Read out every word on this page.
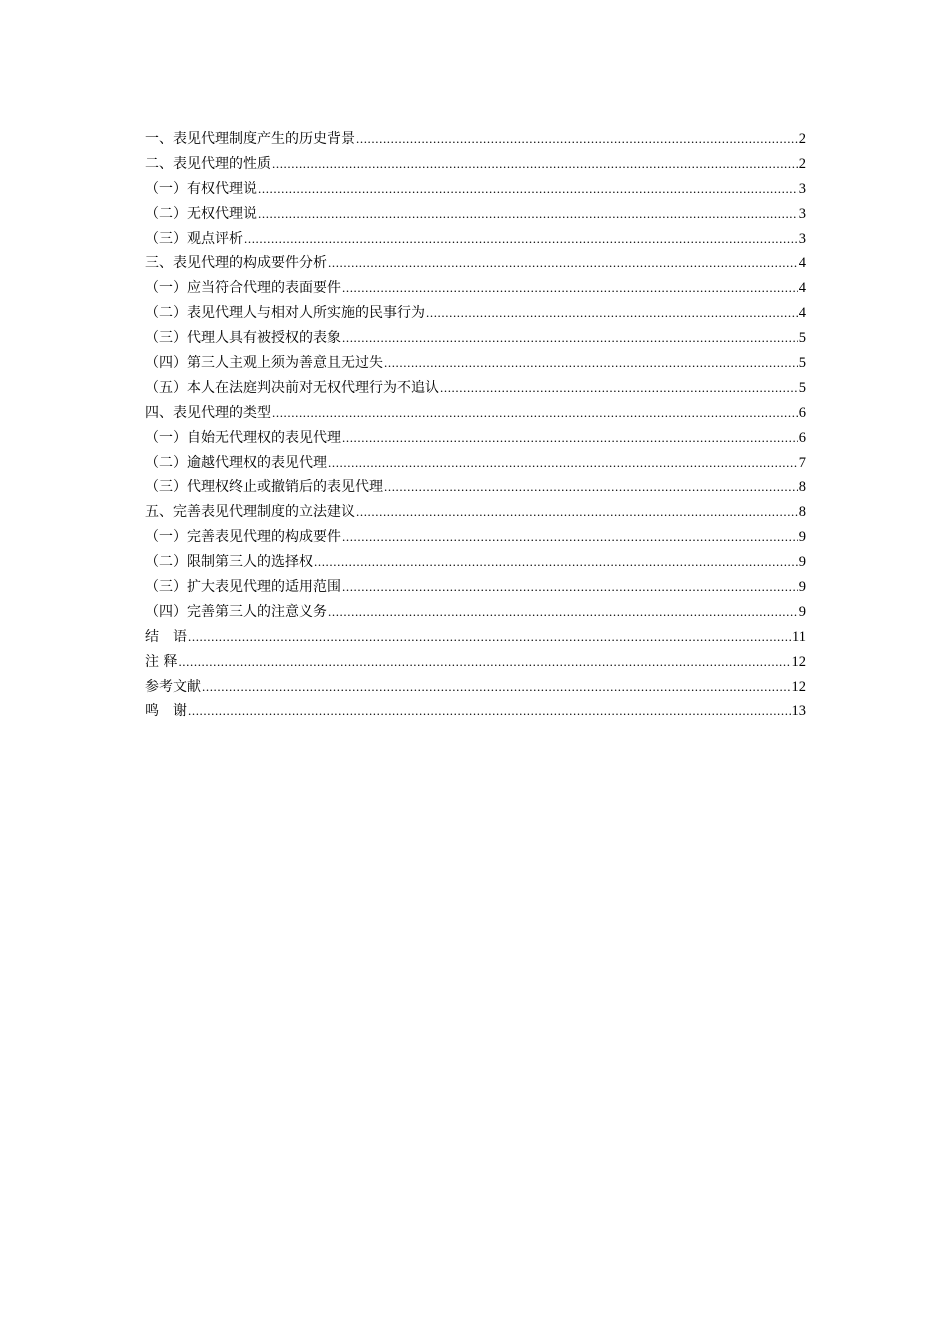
一、表见代理制度产生的历史背景 .....	2
二、表见代理的性质 .....	2
（一）有权代理说 .....	3
（二）无权代理说 .....	3
（三）观点评析 .....	3
三、表见代理的构成要件分析 .....	4
（一）应当符合代理的表面要件 .....	4
（二）表见代理人与相对人所实施的民事行为 .....	4
（三）代理人具有被授权的表象 .....	5
（四）第三人主观上须为善意且无过失 .....	5
（五）本人在法庭判决前对无权代理行为不追认 .....	5
四、表见代理的类型 .....	6
（一）自始无代理权的表见代理 .....	6
（二）逾越代理权的表见代理 .....	7
（三）代理权终止或撤销后的表见代理 .....	8
五、完善表见代理制度的立法建议 .....	8
（一）完善表见代理的构成要件 .....	9
（二）限制第三人的选择权 .....	9
（三）扩大表见代理的适用范围 .....	9
（四）完善第三人的注意义务 .....	9
结　语 .....	11
注 释 .....	12
参考文献 .....	12
鸣　谢 .....	13
